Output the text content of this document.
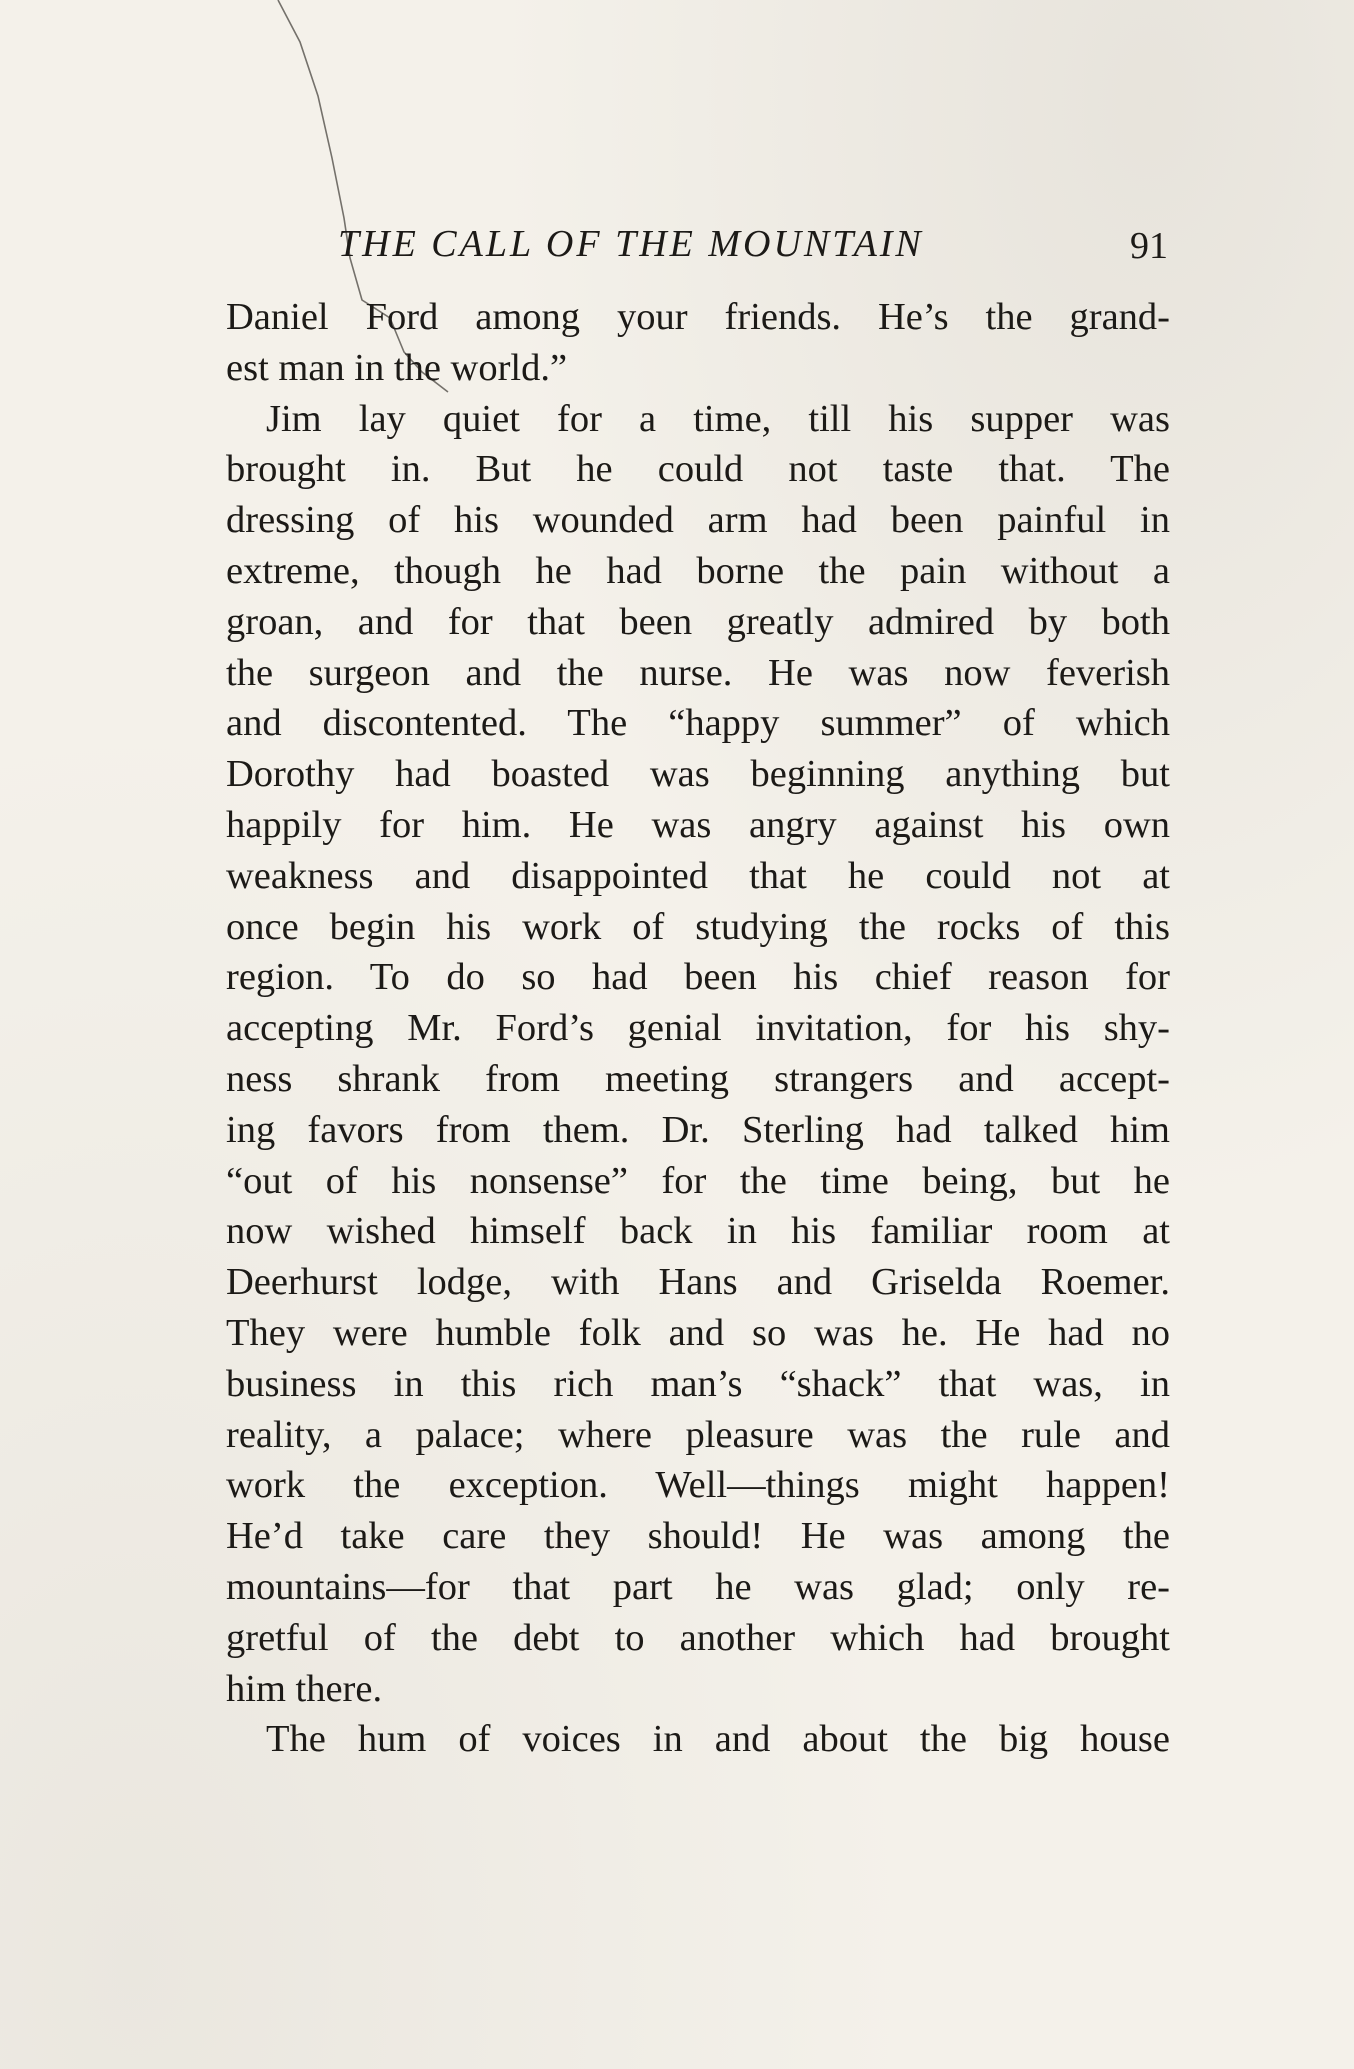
THE CALL OF THE MOUNTAIN	91
Daniel Ford among your friends. He’s the grand-
est man in the world.”
Jim lay quiet for a time, till his supper was
brought in. But he could not taste that. The
dressing of his wounded arm had been painful in
extreme, though he had borne the pain without a
groan, and for that been greatly admired by both
the surgeon and the nurse. He was now feverish
and discontented. The “happy summer” of which
Dorothy had boasted was beginning anything but
happily for him. He was angry against his own
weakness and disappointed that he could not at
once begin his work of studying the rocks of this
region. To do so had been his chief reason for
accepting Mr. Ford’s genial invitation, for his shy-
ness shrank from meeting strangers and accept-
ing favors from them. Dr. Sterling had talked him
“out of his nonsense” for the time being, but he
now wished himself back in his familiar room at
Deerhurst lodge, with Hans and Griselda Roemer.
They were humble folk and so was he. He had no
business in this rich man’s “shack” that was, in
reality, a palace; where pleasure was the rule and
work the exception. Well—things might happen!
He’d take care they should! He was among the
mountains—for that part he was glad; only re-
gretful of the debt to another which had brought
him there.
The hum of voices in and about the big house
